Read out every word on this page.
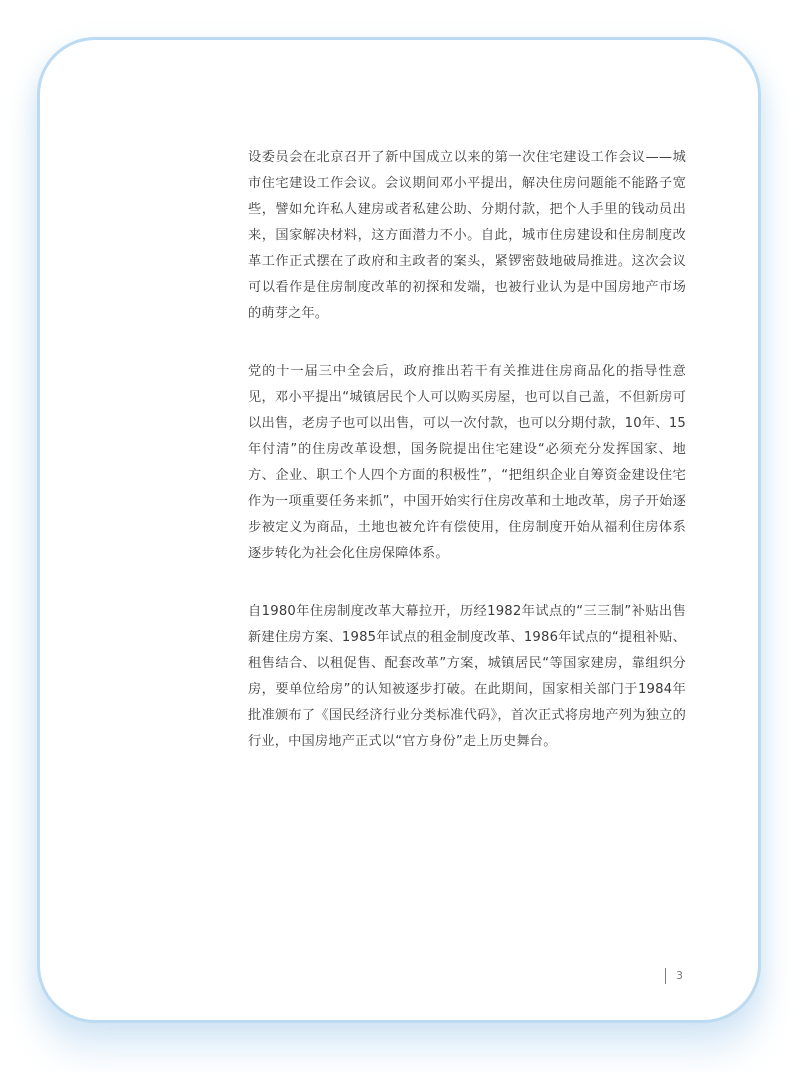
设委员会在北京召开了新中国成立以来的第一次住宅建设工作会议——城市住宅建设工作会议。会议期间邓小平提出，解决住房问题能不能路子宽些，譬如允许私人建房或者私建公助、分期付款，把个人手里的钱动员出来，国家解决材料，这方面潜力不小。自此，城市住房建设和住房制度改革工作正式摆在了政府和主政者的案头，紧锣密鼓地破局推进。这次会议可以看作是住房制度改革的初探和发端，也被行业认为是中国房地产市场的萌芽之年。

党的十一届三中全会后，政府推出若干有关推进住房商品化的指导性意见，邓小平提出“城镇居民个人可以购买房屋，也可以自己盖，不但新房可以出售，老房子也可以出售，可以一次付款，也可以分期付款，10年、15年付清”的住房改革设想，国务院提出住宅建设“必须充分发挥国家、地方、企业、职工个人四个方面的积极性”，“把组织企业自筹资金建设住宅作为一项重要任务来抓”，中国开始实行住房改革和土地改革，房子开始逐步被定义为商品，土地也被允许有偿使用，住房制度开始从福利住房体系逐步转化为社会化住房保障体系。

自1980年住房制度改革大幕拉开，历经1982年试点的“三三制”补贴出售新建住房方案、1985年试点的租金制度改革、1986年试点的“提租补贴、租售结合、以租促售、配套改革”方案，城镇居民“等国家建房，靠组织分房，要单位给房”的认知被逐步打破。在此期间，国家相关部门于1984年批准颁布了《国民经济行业分类标准代码》，首次正式将房地产列为独立的行业，中国房地产正式以“官方身份”走上历史舞台。

3
